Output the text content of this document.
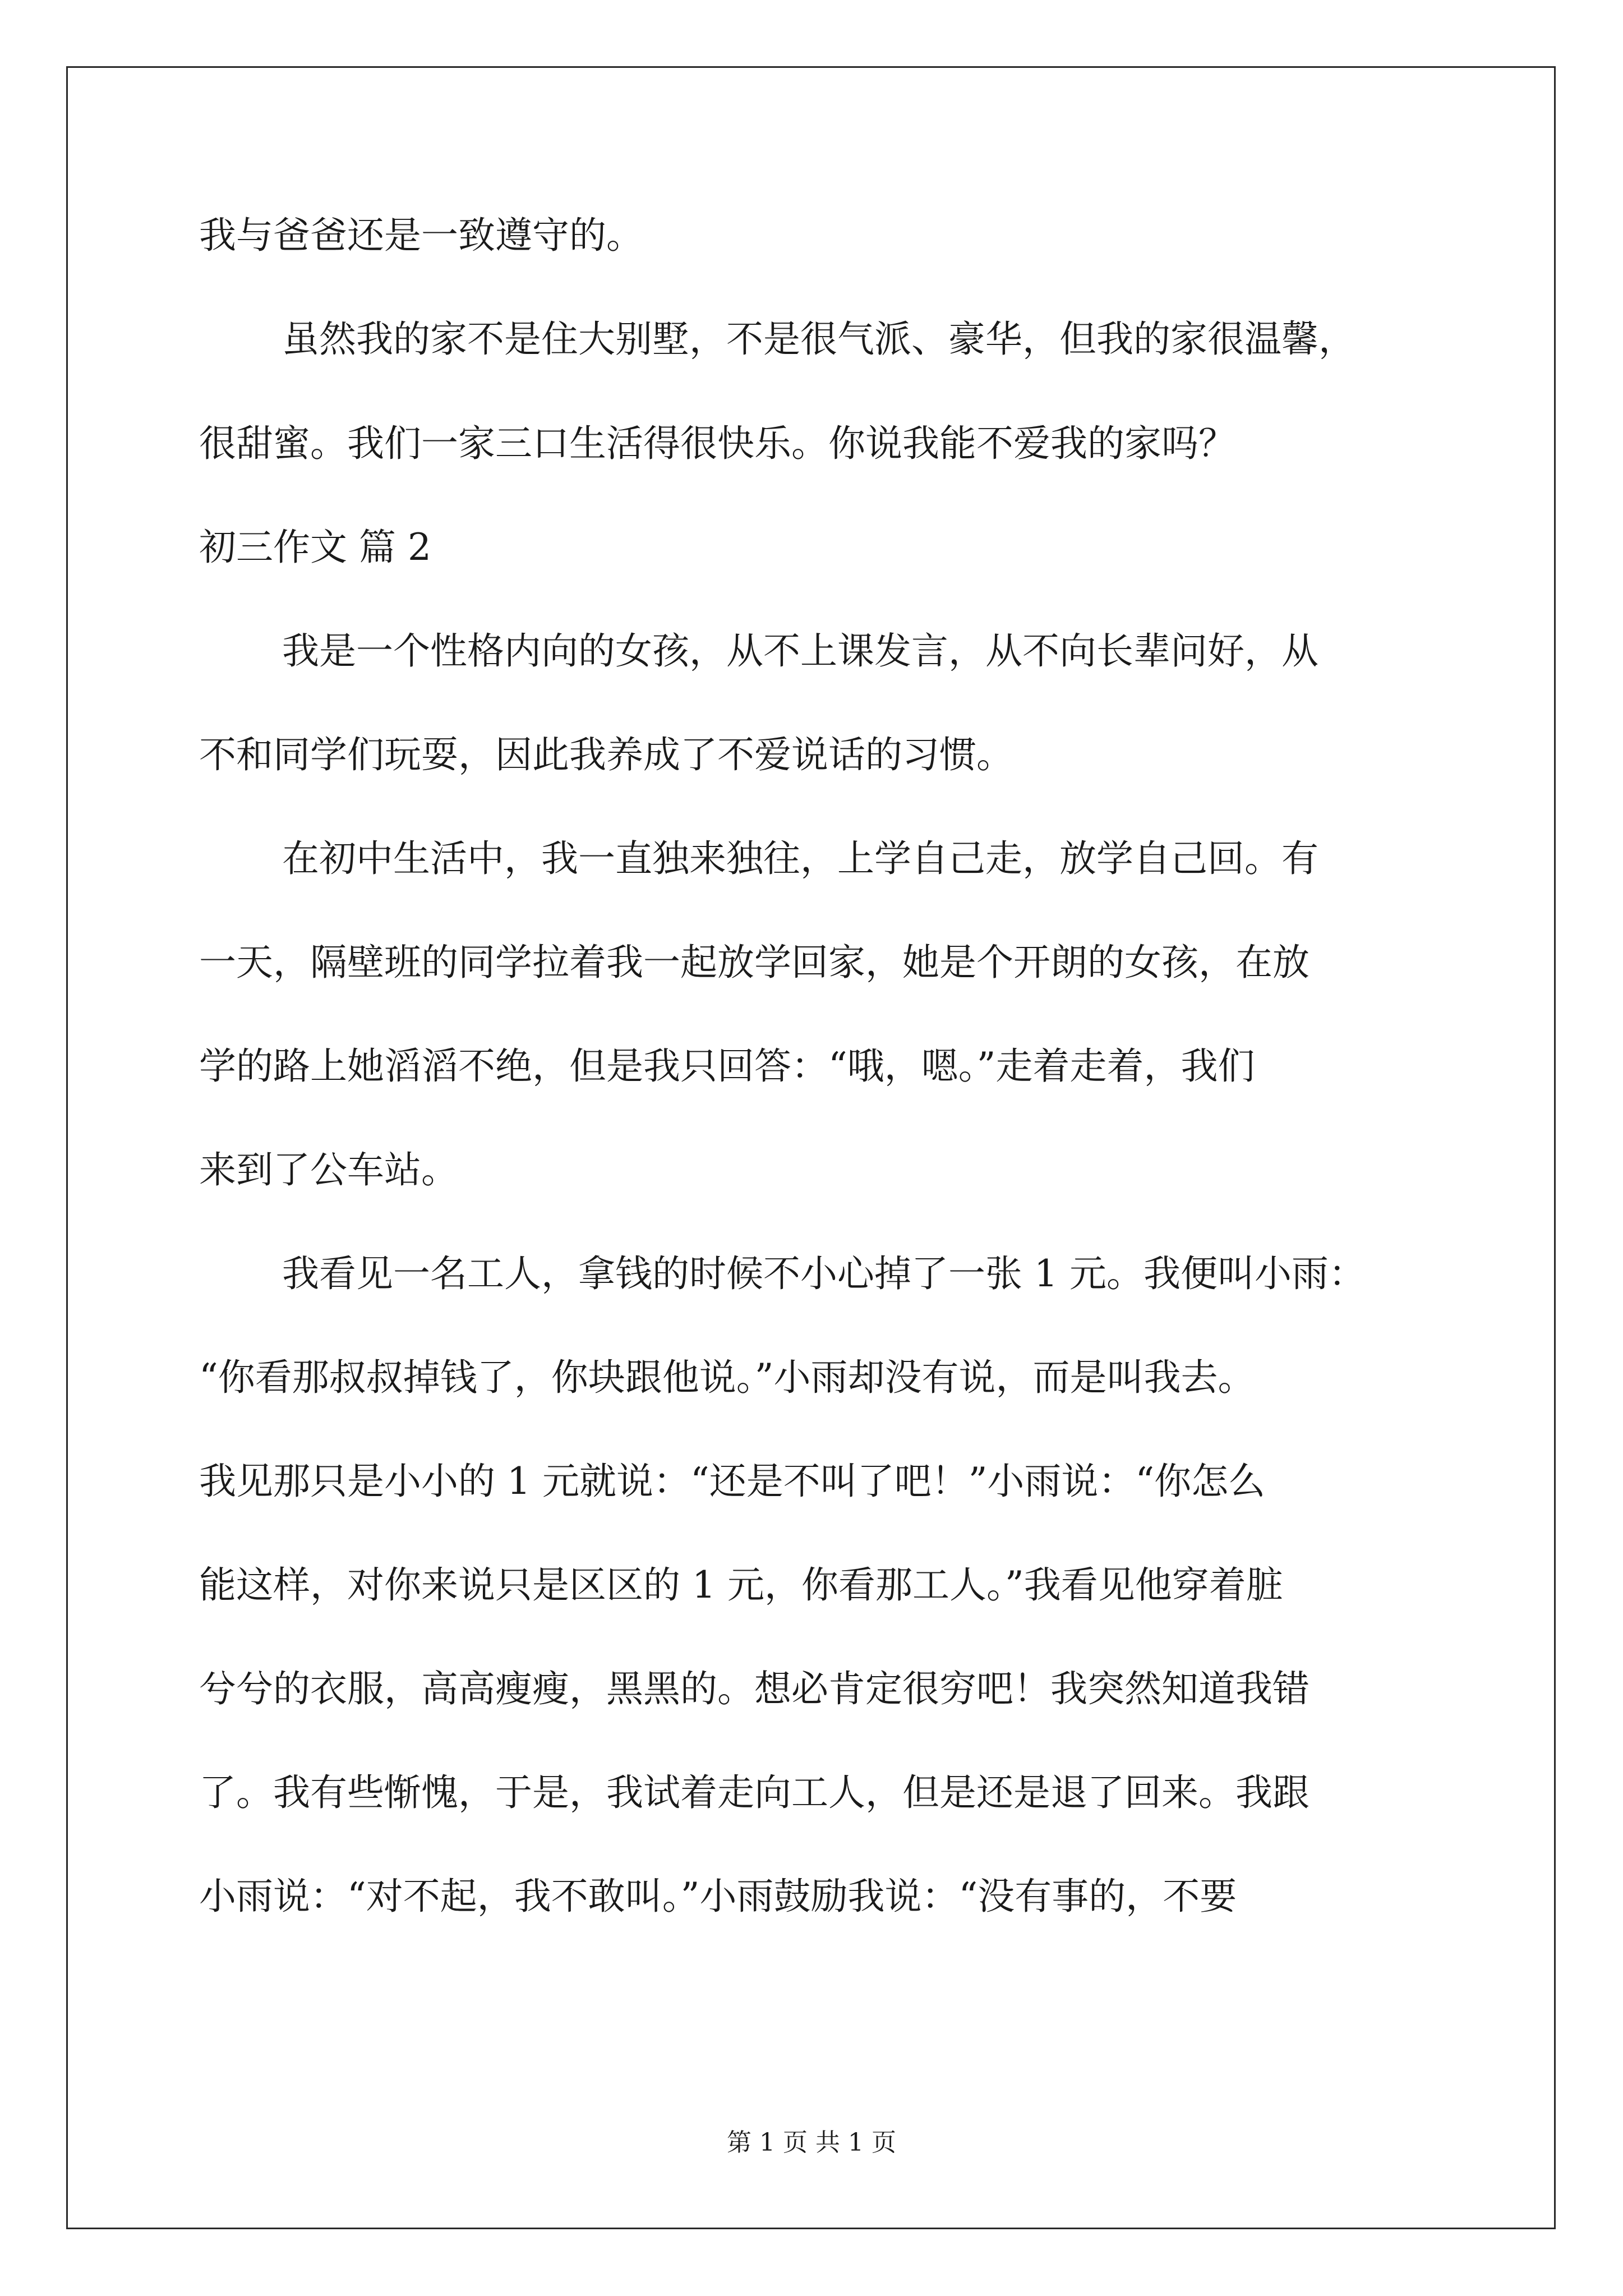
我与爸爸还是一致遵守的。
虽然我的家不是住大别墅，不是很气派、豪华，但我的家很温馨，
很甜蜜。我们一家三口生活得很快乐。你说我能不爱我的家吗？
初三作文 篇 2
我是一个性格内向的女孩，从不上课发言，从不向长辈问好，从
不和同学们玩耍，因此我养成了不爱说话的习惯。
在初中生活中，我一直独来独往，上学自己走，放学自己回。有
一天，隔壁班的同学拉着我一起放学回家，她是个开朗的女孩，在放
学的路上她滔滔不绝，但是我只回答：“哦，嗯。”走着走着，我们
来到了公车站。
我看见一名工人，拿钱的时候不小心掉了一张 1 元。我便叫小雨：
“你看那叔叔掉钱了，你块跟他说。”小雨却没有说，而是叫我去。
我见那只是小小的 1 元就说：“还是不叫了吧！”小雨说：“你怎么
能这样，对你来说只是区区的 1 元，你看那工人。”我看见他穿着脏
兮兮的衣服，高高瘦瘦，黑黑的。想必肯定很穷吧！我突然知道我错
了。我有些惭愧，于是，我试着走向工人，但是还是退了回来。我跟
小雨说：“对不起，我不敢叫。”小雨鼓励我说：“没有事的，不要
第 1 页 共 1 页
